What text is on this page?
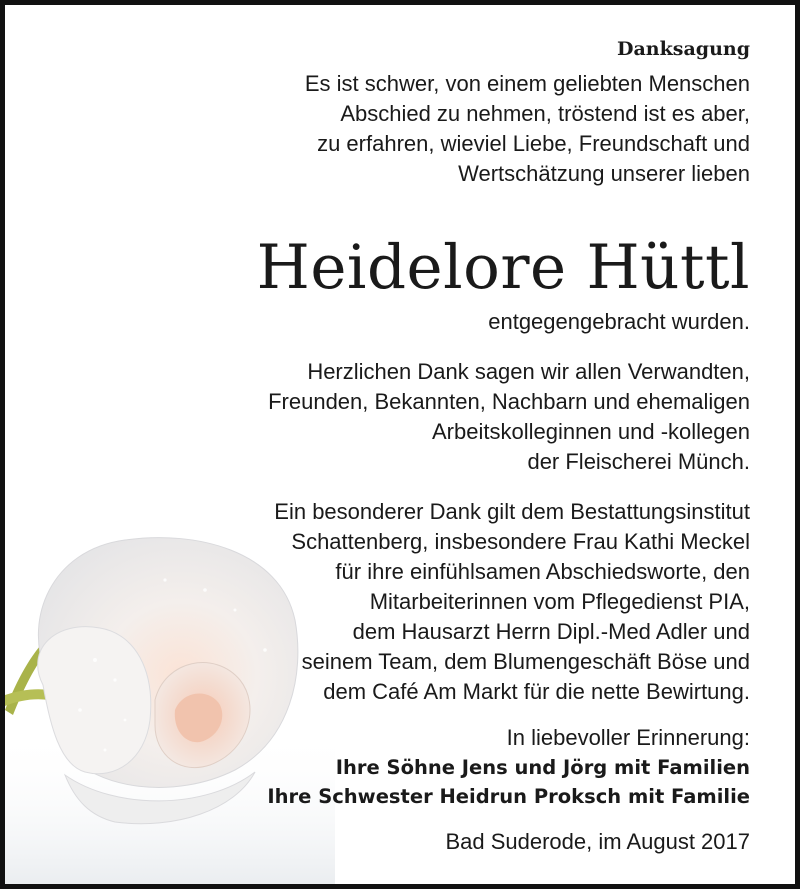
Danksagung

Es ist schwer, von einem geliebten Menschen

Abschied zu nehmen, tröstend ist es aber,

zu erfahren, wieviel Liebe, Freundschaft und

Wertschätzung unserer lieben

Heidelore Hüttl

entgegengebracht wurden.

Herzlichen Dank sagen wir allen Verwandten,

Freunden, Bekannten, Nachbarn und ehemaligen

Arbeitskolleginnen und -kollegen

der Fleischerei Münch.

Ein besonderer Dank gilt dem Bestattungsinstitut

Schattenberg, insbesondere Frau Kathi Meckel

für ihre einfühlsamen Abschiedsworte, den

Mitarbeiterinnen vom Pflegedienst PIA,

dem Hausarzt Herrn Dipl.-Med Adler und

seinem Team, dem Blumengeschäft Böse und

dem Café Am Markt für die nette Bewirtung.

In liebevoller Erinnerung:

Ihre Söhne Jens und Jörg mit Familien

Ihre Schwester Heidrun Proksch mit Familie

Bad Suderode, im August 2017
